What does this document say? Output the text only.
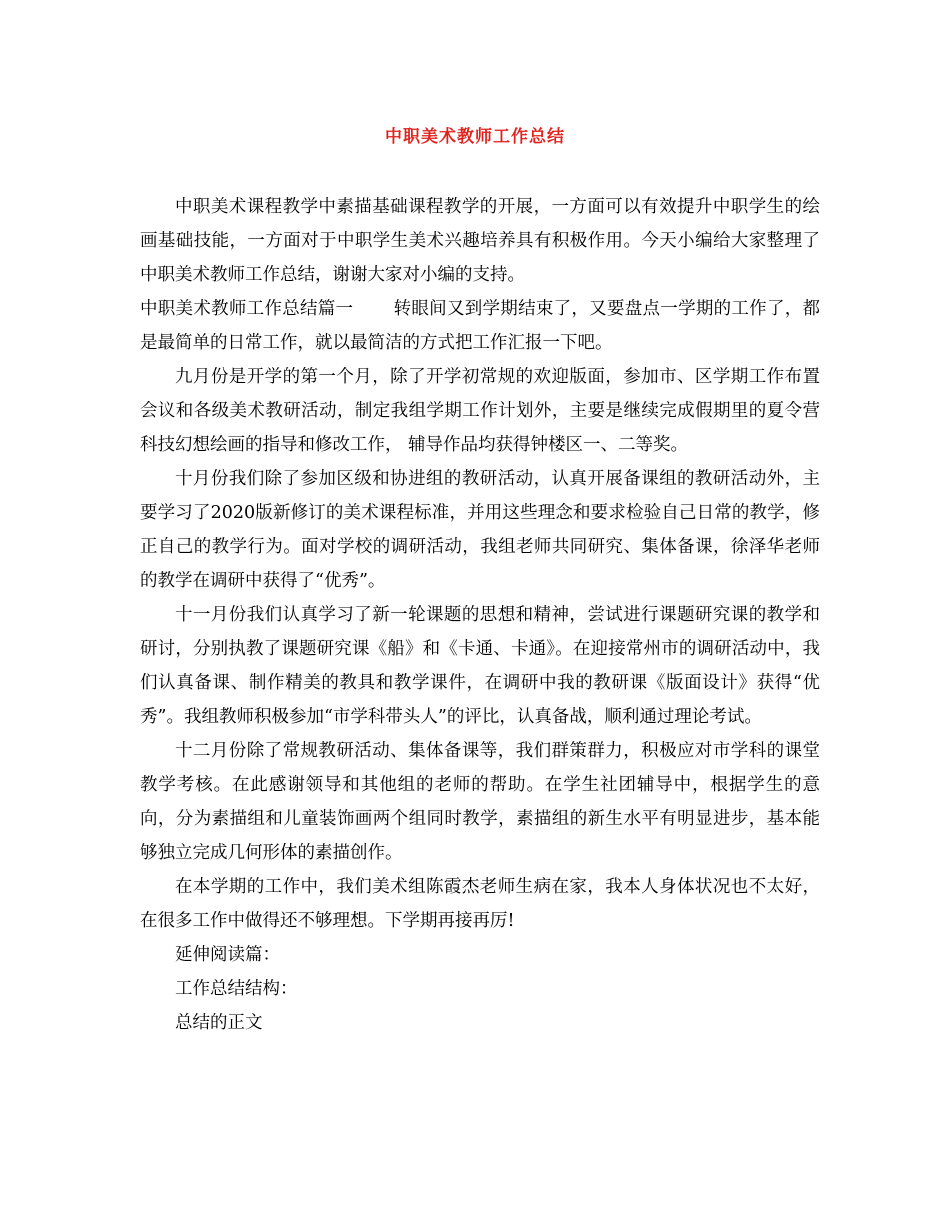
中职美术教师工作总结

中职美术课程教学中素描基础课程教学的开展，一方面可以有效提升中职学生的绘画基础技能，一方面对于中职学生美术兴趣培养具有积极作用。今天小编给大家整理了中职美术教师工作总结，谢谢大家对小编的支持。

中职美术教师工作总结篇一 转眼间又到学期结束了，又要盘点一学期的工作了，都是最简单的日常工作，就以最简洁的方式把工作汇报一下吧。

九月份是开学的第一个月，除了开学初常规的欢迎版面，参加市、区学期工作布置会议和各级美术教研活动，制定我组学期工作计划外，主要是继续完成假期里的夏令营科技幻想绘画的指导和修改工作， 辅导作品均获得钟楼区一、二等奖。

十月份我们除了参加区级和协进组的教研活动，认真开展备课组的教研活动外，主要学习了2020版新修订的美术课程标准，并用这些理念和要求检验自己日常的教学，修正自己的教学行为。面对学校的调研活动，我组老师共同研究、集体备课，徐泽华老师的教学在调研中获得了“优秀”。

十一月份我们认真学习了新一轮课题的思想和精神，尝试进行课题研究课的教学和研讨，分别执教了课题研究课《船》和《卡通、卡通》。在迎接常州市的调研活动中，我们认真备课、制作精美的教具和教学课件，在调研中我的教研课《版面设计》获得“优秀”。我组教师积极参加“市学科带头人”的评比，认真备战，顺利通过理论考试。

十二月份除了常规教研活动、集体备课等，我们群策群力，积极应对市学科的课堂教学考核。在此感谢领导和其他组的老师的帮助。在学生社团辅导中，根据学生的意向，分为素描组和儿童装饰画两个组同时教学，素描组的新生水平有明显进步，基本能够独立完成几何形体的素描创作。

在本学期的工作中，我们美术组陈霞杰老师生病在家，我本人身体状况也不太好，在很多工作中做得还不够理想。下学期再接再厉!

延伸阅读篇：

工作总结结构：

总结的正文
